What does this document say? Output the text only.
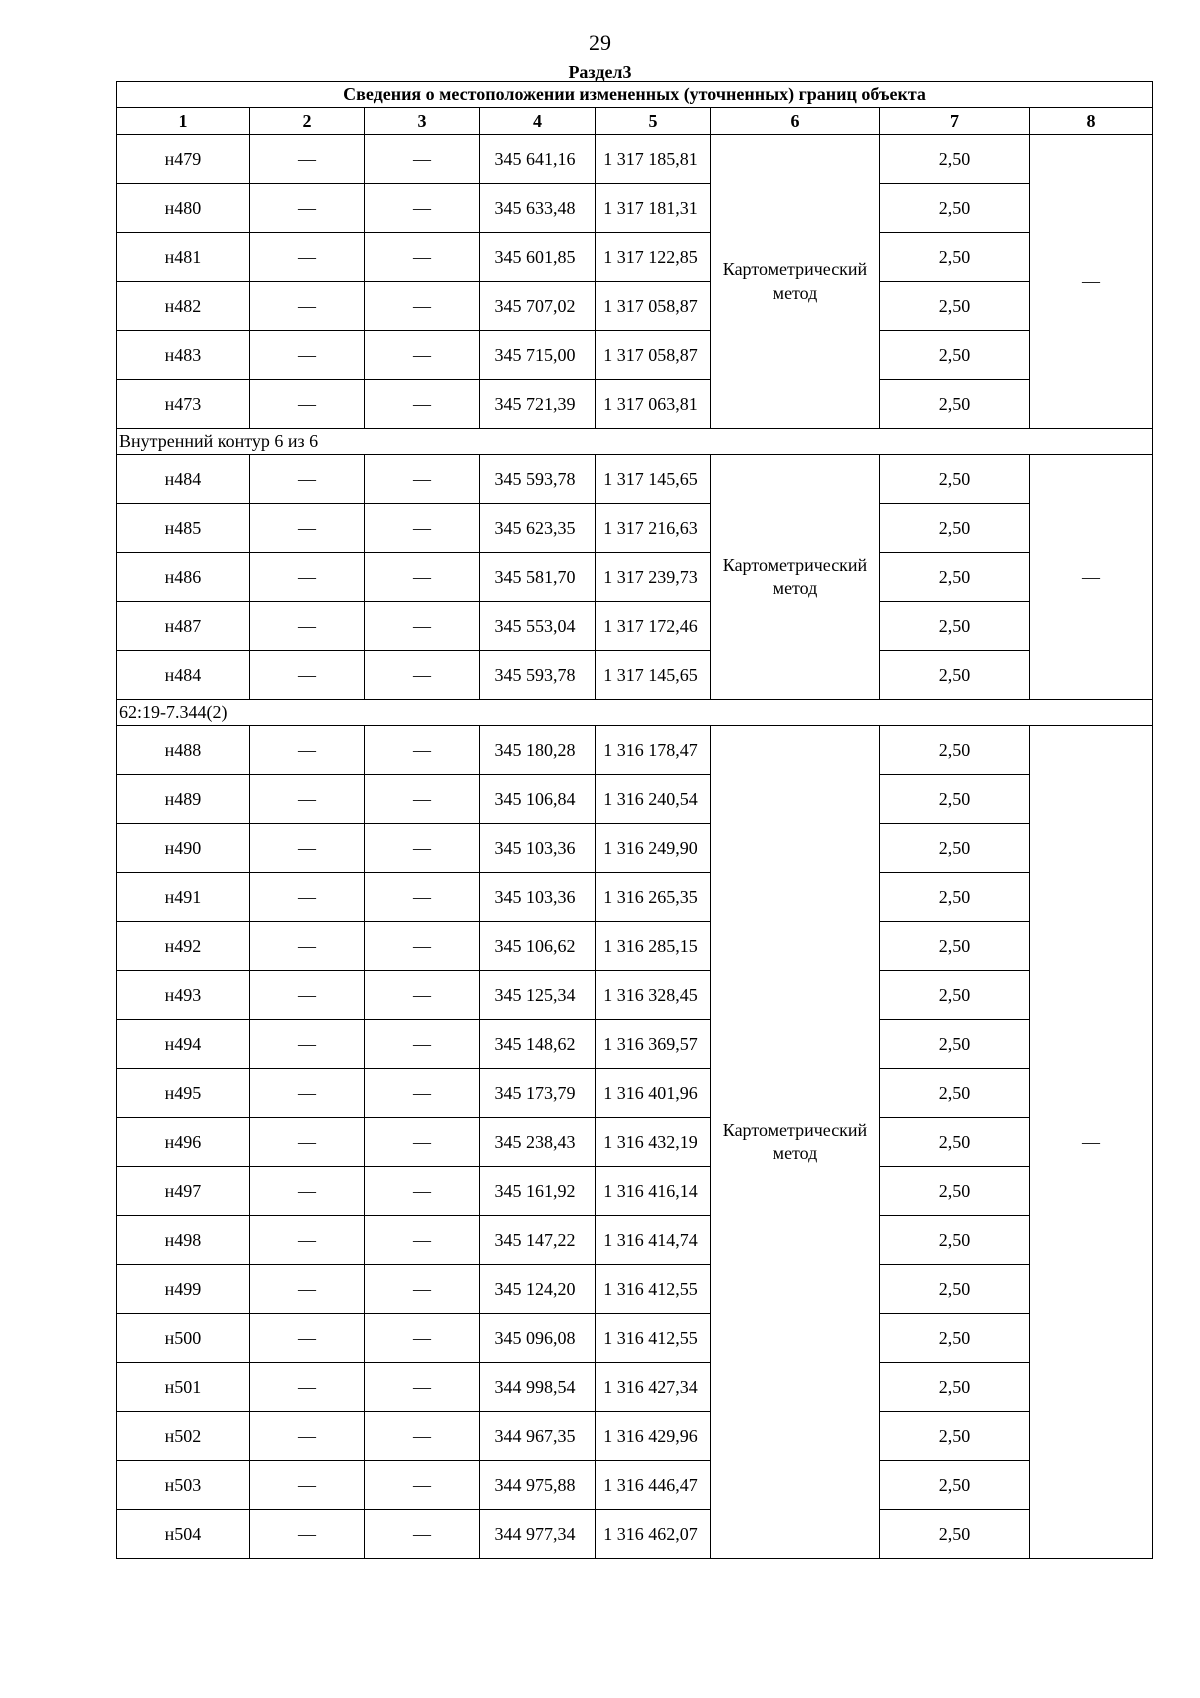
29
Раздел3
Сведения о местоположении измененных (уточненных) границ объекта							
1	2	3	4	5	6	7	8
н479	—	—	345 641,16	1 317 185,81	Картометрический метод	2,50	—
н480	—	—	345 633,48	1 317 181,31		2,50	
н481	—	—	345 601,85	1 317 122,85		2,50	
н482	—	—	345 707,02	1 317 058,87		2,50	
н483	—	—	345 715,00	1 317 058,87		2,50	
н473	—	—	345 721,39	1 317 063,81		2,50	
Внутренний контур 6 из 6							
н484	—	—	345 593,78	1 317 145,65	Картометрический метод	2,50	—
н485	—	—	345 623,35	1 317 216,63		2,50	
н486	—	—	345 581,70	1 317 239,73		2,50	
н487	—	—	345 553,04	1 317 172,46		2,50	
н484	—	—	345 593,78	1 317 145,65		2,50	
62:19-7.344(2)							
н488	—	—	345 180,28	1 316 178,47	Картометрический метод	2,50	—
н489	—	—	345 106,84	1 316 240,54		2,50	
н490	—	—	345 103,36	1 316 249,90		2,50	
н491	—	—	345 103,36	1 316 265,35		2,50	
н492	—	—	345 106,62	1 316 285,15		2,50	
н493	—	—	345 125,34	1 316 328,45		2,50	
н494	—	—	345 148,62	1 316 369,57		2,50	
н495	—	—	345 173,79	1 316 401,96		2,50	
н496	—	—	345 238,43	1 316 432,19		2,50	
н497	—	—	345 161,92	1 316 416,14		2,50	
н498	—	—	345 147,22	1 316 414,74		2,50	
н499	—	—	345 124,20	1 316 412,55		2,50	
н500	—	—	345 096,08	1 316 412,55		2,50	
н501	—	—	344 998,54	1 316 427,34		2,50	
н502	—	—	344 967,35	1 316 429,96		2,50	
н503	—	—	344 975,88	1 316 446,47		2,50	
н504	—	—	344 977,34	1 316 462,07		2,50	
